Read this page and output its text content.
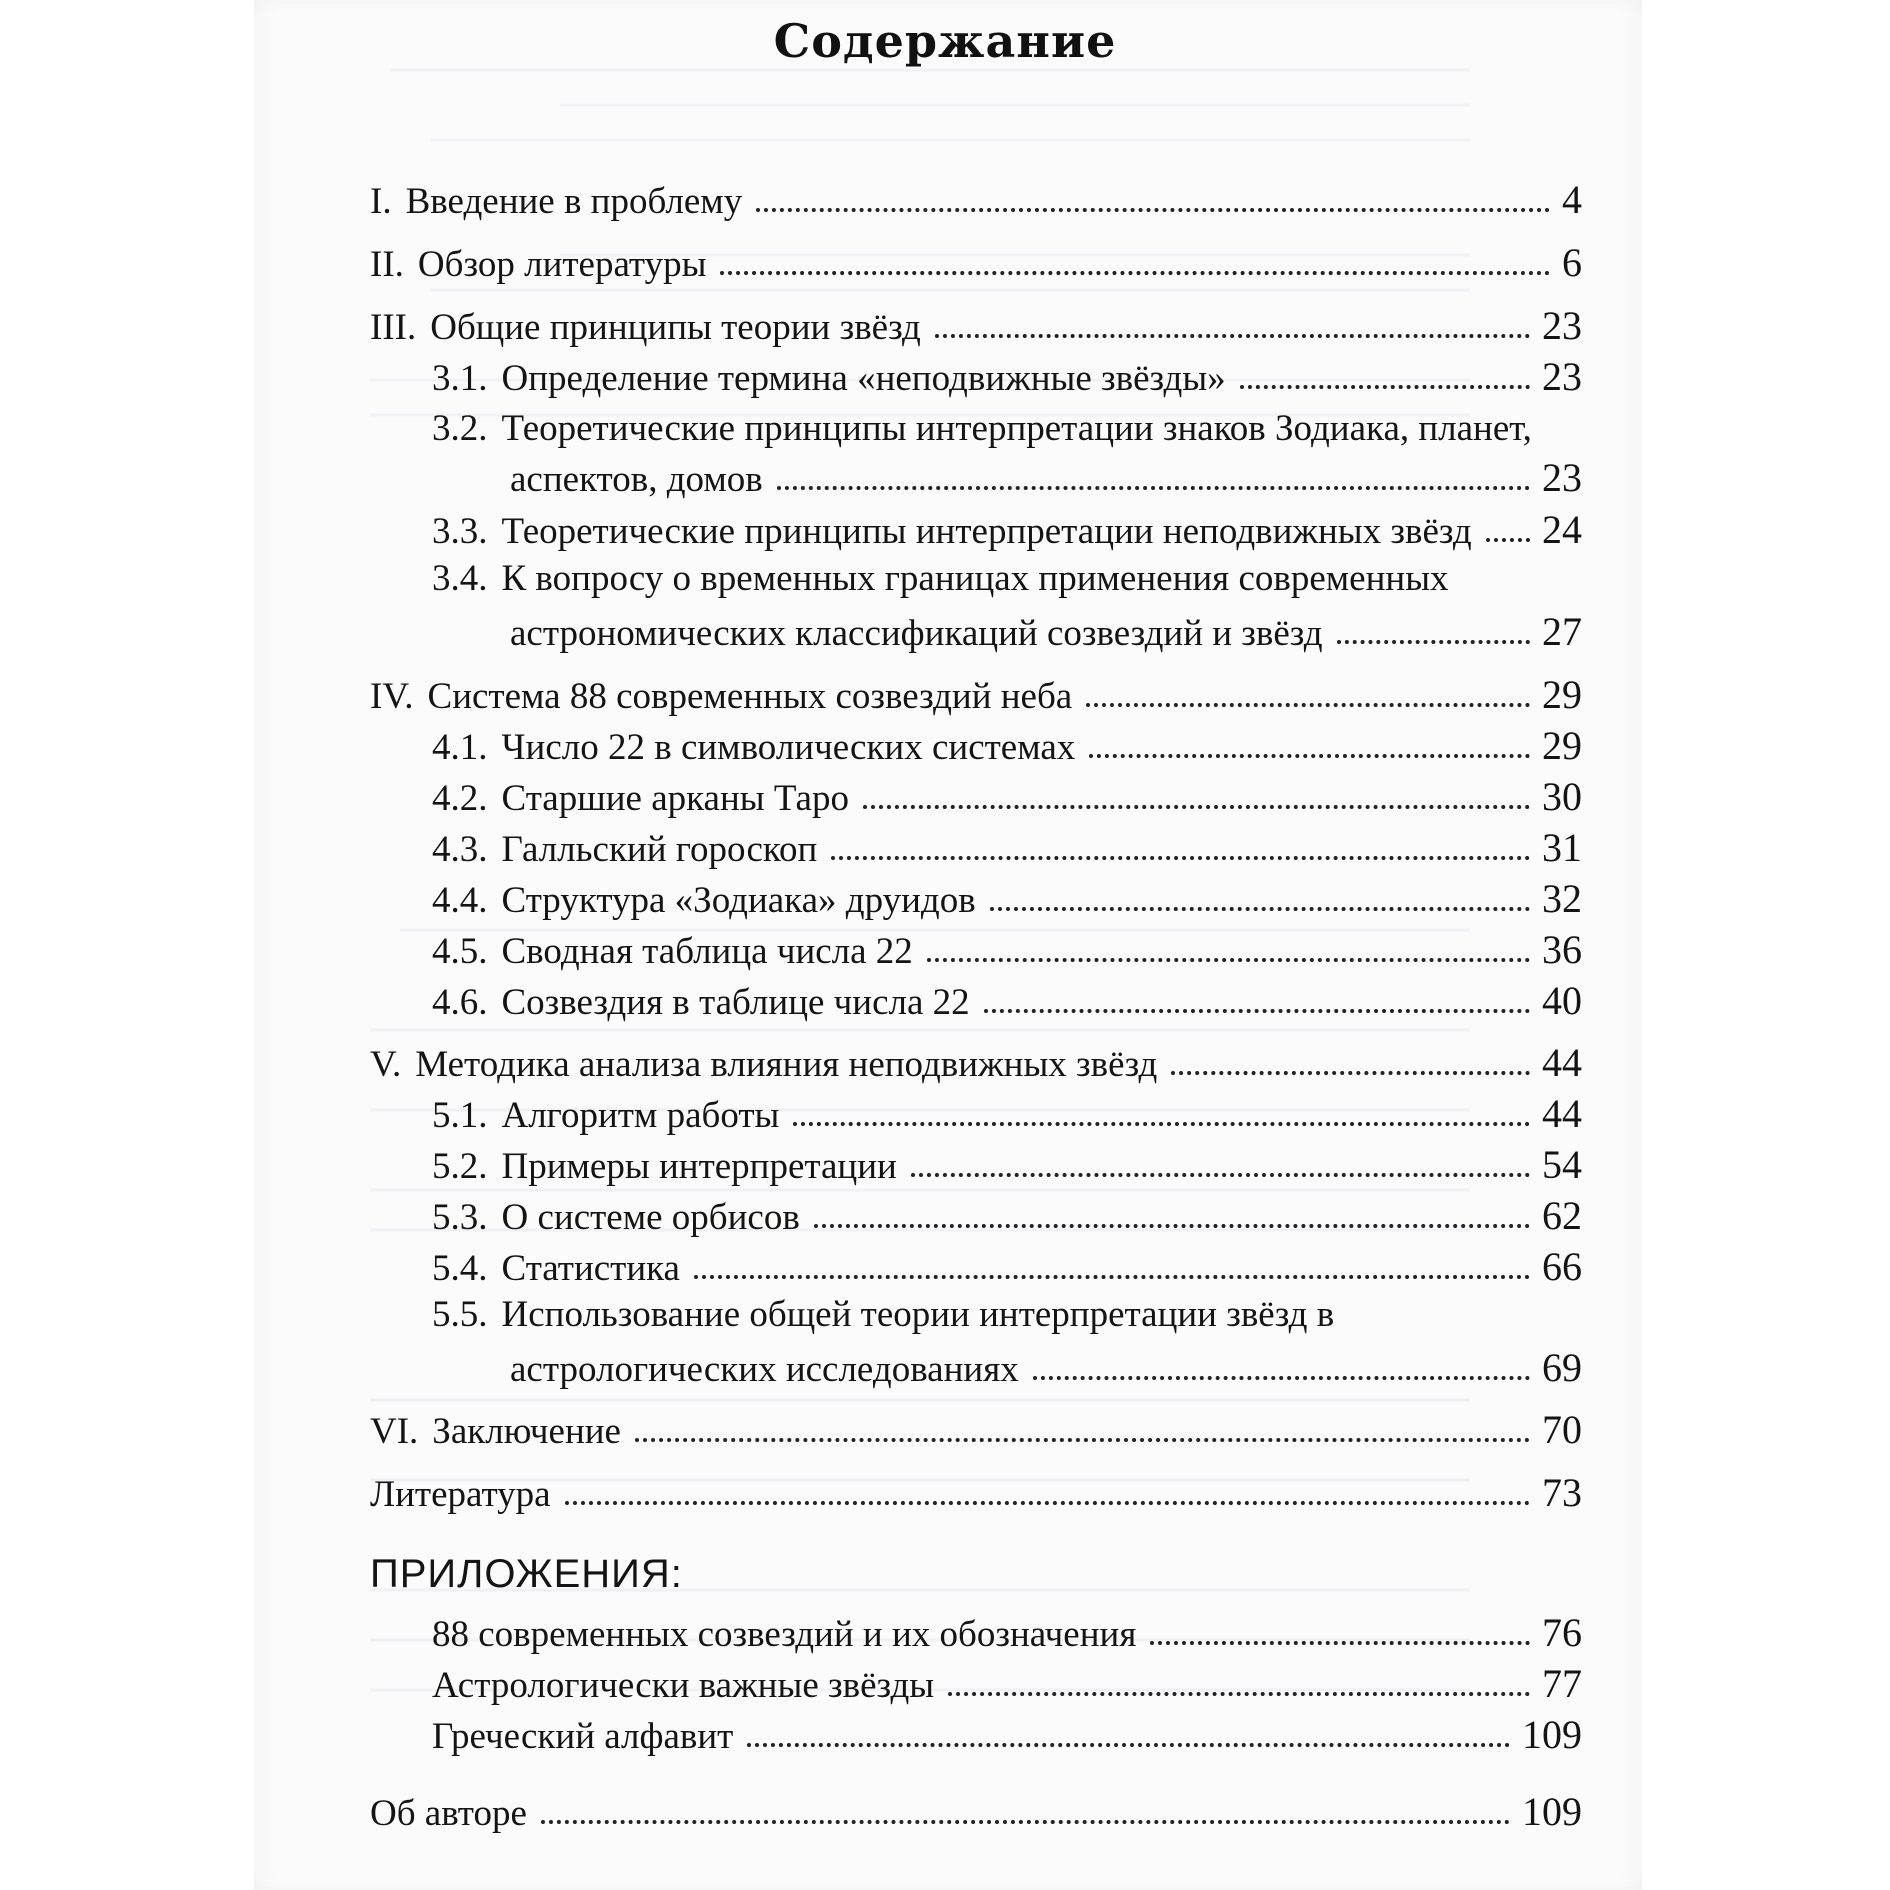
Содержание
I. Введение в проблему	4
II. Обзор литературы	6
III. Общие принципы теории звёзд	23
3.1. Определение термина «неподвижные звёзды»	23
3.2. Теоретические принципы интерпретации знаков Зодиака, планет,
аспектов, домов	23
3.3. Теоретические принципы интерпретации неподвижных звёзд 24
3.4. К вопросу о временных границах применения современных
астрономических классификаций созвездий и звёзд	27
IV. Система 88 современных созвездий неба	29
4.1. Число 22 в символических системах	29
4.2. Старшие арканы Таро	30
4.3. Галльский гороскоп	31
4.4. Структура «Зодиака» друидов	32
4.5. Сводная таблица числа 22	36
4.6. Созвездия в таблице числа 22	40
V. Методика анализа влияния неподвижных звёзд	44
5.1. Алгоритм работы	44
5.2. Примеры интерпретации	54
5.3. О системе орбисов	62
5.4. Статистика	66
5.5. Использование общей теории интерпретации звёзд в
астрологических исследованиях	69
VI. Заключение	70
Литература	73
ПРИЛОЖЕНИЯ:
88 современных созвездий и их обозначения	76
Астрологически важные звёзды	77
Греческий алфавит	109
Об авторе	109
